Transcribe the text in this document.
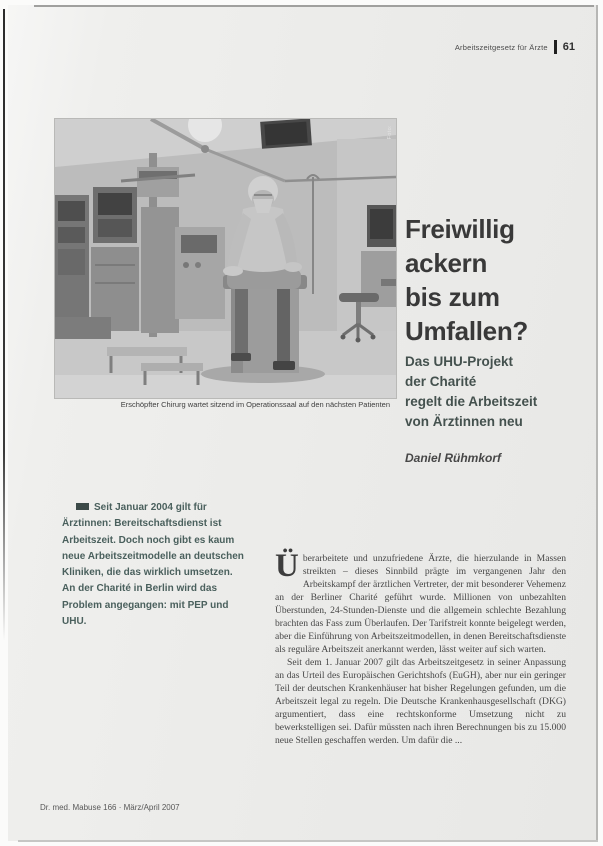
Arbeitszeitgesetz für Ärzte 61
Foto:
Erschöpfter Chirurg wartet sitzend im Operationssaal auf den nächsten Patienten
Freiwillig
ackern
bis zum
Umfallen?
Das UHU-Projekt
der Charité
regelt die Arbeitszeit
von Ärztinnen neu
Daniel Rühmkorf
Seit Januar 2004 gilt für Ärztinnen: Bereitschaftsdienst ist Arbeitszeit. Doch noch gibt es kaum neue Arbeitszeitmodelle an deutschen Kliniken, die das wirklich umsetzen. An der Charité in Berlin wird das Problem angegangen: mit PEP und UHU.

Überarbeitete und unzufriedene Ärzte, die hierzulande in Massen streikten – dieses Sinnbild prägte im vergangenen Jahr den Arbeitskampf der ärztlichen Vertreter, der mit besonderer Vehemenz an der Berliner Charité geführt wurde. Millionen von unbezahlten Überstunden, 24-Stunden-Dienste und die allgemein schlechte Bezahlung brachten das Fass zum Überlaufen. Der Tarifstreit konnte beigelegt werden, aber die Einführung von Arbeitszeitmodellen, in denen Bereitschaftsdienste als reguläre Arbeitszeit anerkannt werden, lässt weiter auf sich warten.

Seit dem 1. Januar 2007 gilt das Arbeitszeitgesetz in seiner Anpassung an das Urteil des Europäischen Gerichtshofs (EuGH), aber nur ein geringer Teil der deutschen Krankenhäuser hat bisher Regelungen gefunden, um die Arbeitszeit legal zu regeln. Die Deutsche Krankenhausgesellschaft (DKG) argumentiert, dass eine rechtskonforme Umsetzung nicht zu bewerkstelligen sei. Dafür müssten nach ihren Berechnungen bis zu 15.000 neue Stellen geschaffen werden. Um dafür die ...

Dr. med. Mabuse 166 · März/April 2007
